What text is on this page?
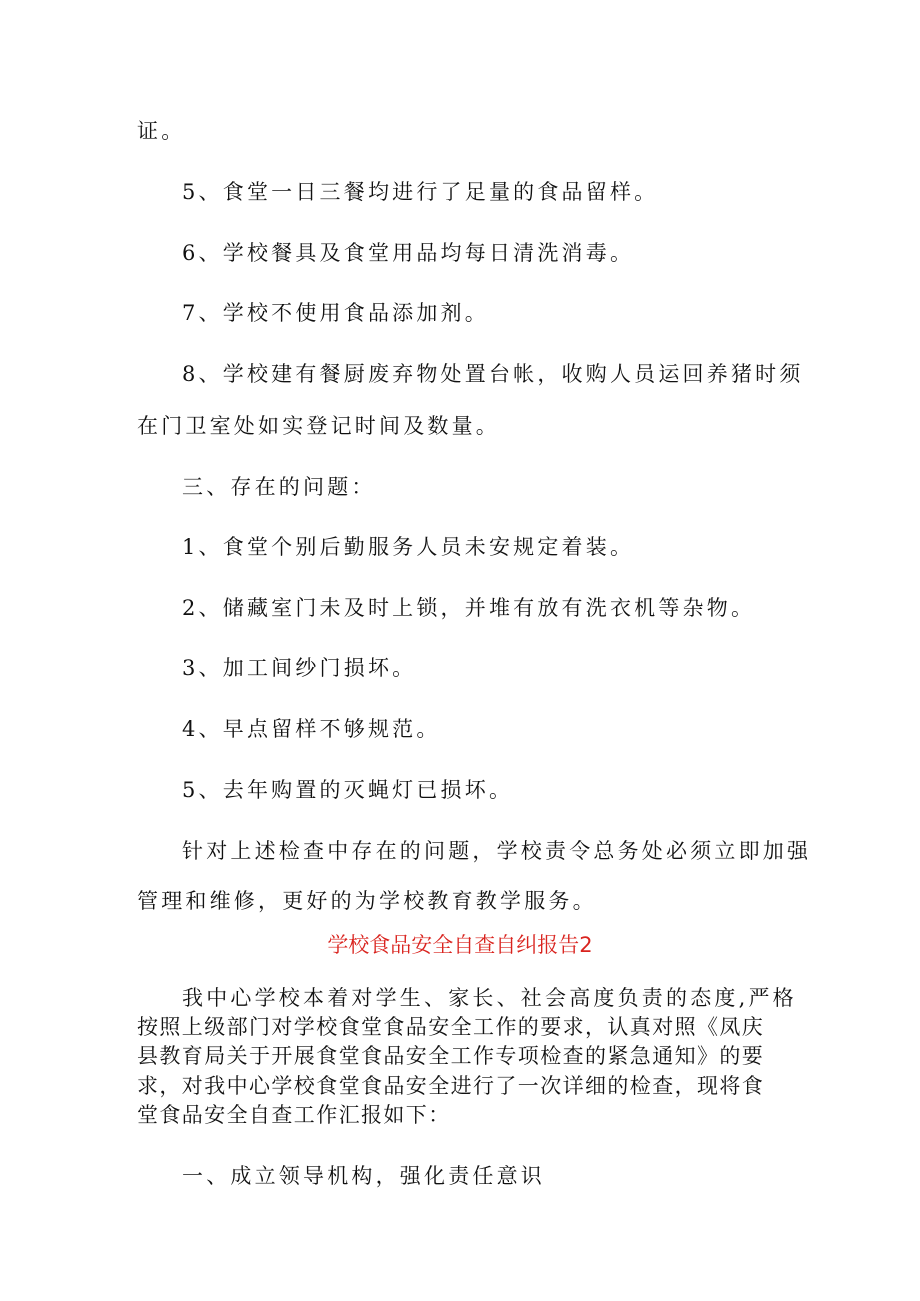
证。
5、食堂一日三餐均进行了足量的食品留样。
6、学校餐具及食堂用品均每日清洗消毒。
7、学校不使用食品添加剂。
8、学校建有餐厨废弃物处置台帐，收购人员运回养猪时须
在门卫室处如实登记时间及数量。
三、存在的问题：
1、食堂个别后勤服务人员未安规定着装。
2、储藏室门未及时上锁，并堆有放有洗衣机等杂物。
3、加工间纱门损坏。
4、早点留样不够规范。
5、去年购置的灭蝇灯已损坏。
针对上述检查中存在的问题，学校责令总务处必须立即加强
管理和维修，更好的为学校教育教学服务。
学校食品安全自查自纠报告2
我中心学校本着对学生、家长、社会高度负责的态度,严格
按照上级部门对学校食堂食品安全工作的要求，认真对照《凤庆
县教育局关于开展食堂食品安全工作专项检查的紧急通知》的要
求，对我中心学校食堂食品安全进行了一次详细的检查，现将食
堂食品安全自查工作汇报如下：
一、成立领导机构，强化责任意识
